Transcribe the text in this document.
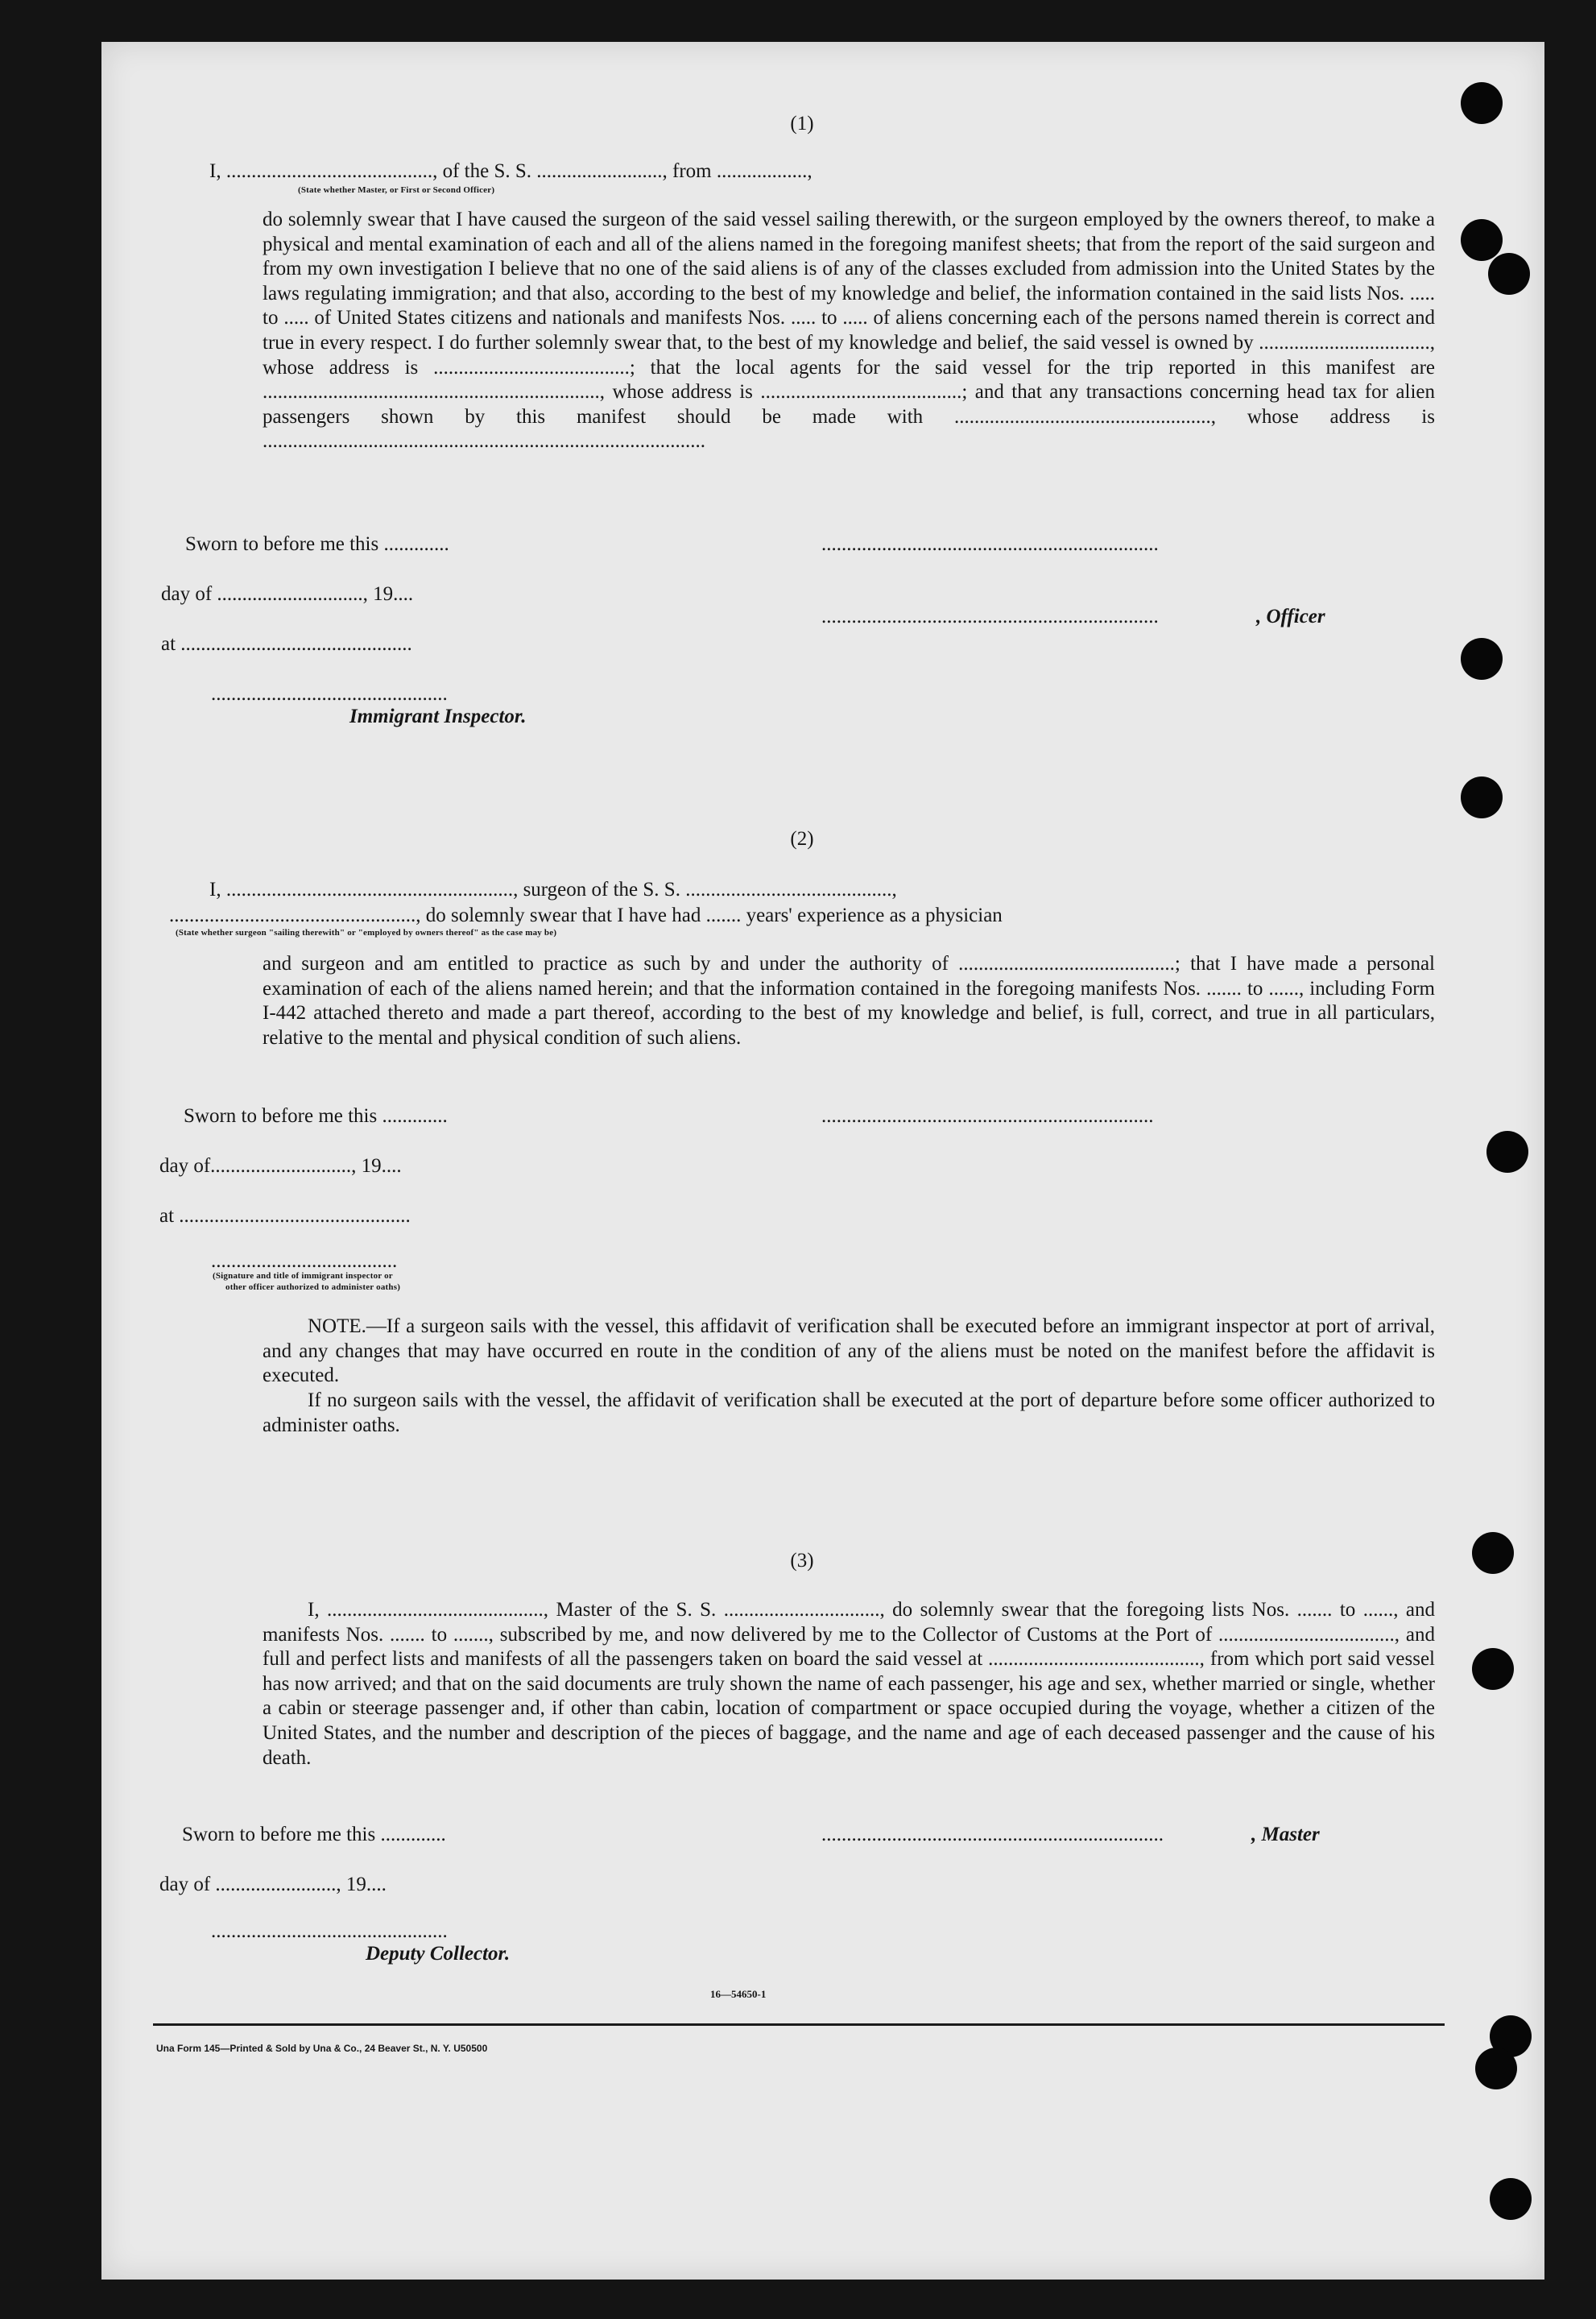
(1)
I, ........................................., of the S. S. ........................., from ..................,
(State whether Master, or First or Second Officer)
do solemnly swear that I have caused the surgeon of the said vessel sailing therewith, or the surgeon employed by the owners thereof, to make a physical and mental examination of each and all of the aliens named in the foregoing manifest sheets; that from the report of the said surgeon and from my own investigation I believe that no one of the said aliens is of any of the classes excluded from admission into the United States by the laws regulating immigration; and that also, according to the best of my knowledge and belief, the information contained in the said lists Nos. ..... to ..... of United States citizens and nationals and manifests Nos. ..... to ..... of aliens concerning each of the persons named therein is correct and true in every respect. I do further solemnly swear that, to the best of my knowledge and belief, the said vessel is owned by .................................., whose address is .......................................; that the local agents for the said vessel for the trip reported in this manifest are ..................................................................., whose address is ........................................; and that any transactions concerning head tax for alien passengers shown by this manifest should be made with ..................................................., whose address is ........................................................................................
Sworn to before me this .............
day of ............................., 19....
at ..............................................
...............................................
Immigrant Inspector.
...................................................................
...................................................................	, Officer
(2)
I, ........................................................., surgeon of the S. S. .........................................,
................................................., do solemnly swear that I have had ....... years' experience as a physician
(State whether surgeon "sailing therewith" or "employed by owners thereof" as the case may be)
and surgeon and am entitled to practice as such by and under the authority of ...........................................; that I have made a personal examination of each of the aliens named herein; and that the information contained in the foregoing manifests Nos. ....... to ......, including Form I-442 attached thereto and made a part thereof, according to the best of my knowledge and belief, is full, correct, and true in all particulars, relative to the mental and physical condition of such aliens.
Sworn to before me this .............
day of............................, 19....
at ..............................................
..................................................................
.....................................
(Signature and title of immigrant inspector or
other officer authorized to administer oaths)
NOTE.—If a surgeon sails with the vessel, this affidavit of verification shall be executed before an immigrant inspector at port of arrival, and any changes that may have occurred en route in the condition of any of the aliens must be noted on the manifest before the affidavit is executed.
If no surgeon sails with the vessel, the affidavit of verification shall be executed at the port of departure before some officer authorized to administer oaths.
(3)
I, ..........................................., Master of the S. S. ..............................., do solemnly swear that the foregoing lists Nos. ....... to ......, and manifests Nos. ....... to ......., subscribed by me, and now delivered by me to the Collector of Customs at the Port of ..................................., and full and perfect lists and manifests of all the passengers taken on board the said vessel at .........................................., from which port said vessel has now arrived; and that on the said documents are truly shown the name of each passenger, his age and sex, whether married or single, whether a cabin or steerage passenger and, if other than cabin, location of compartment or space occupied during the voyage, whether a citizen of the United States, and the number and description of the pieces of baggage, and the name and age of each deceased passenger and the cause of his death.
Sworn to before me this .............
day of ........................, 19....
....................................................................	, Master
...............................................
Deputy Collector.
16—54650-1
Una Form 145—Printed & Sold by Una & Co., 24 Beaver St., N. Y. U50500
